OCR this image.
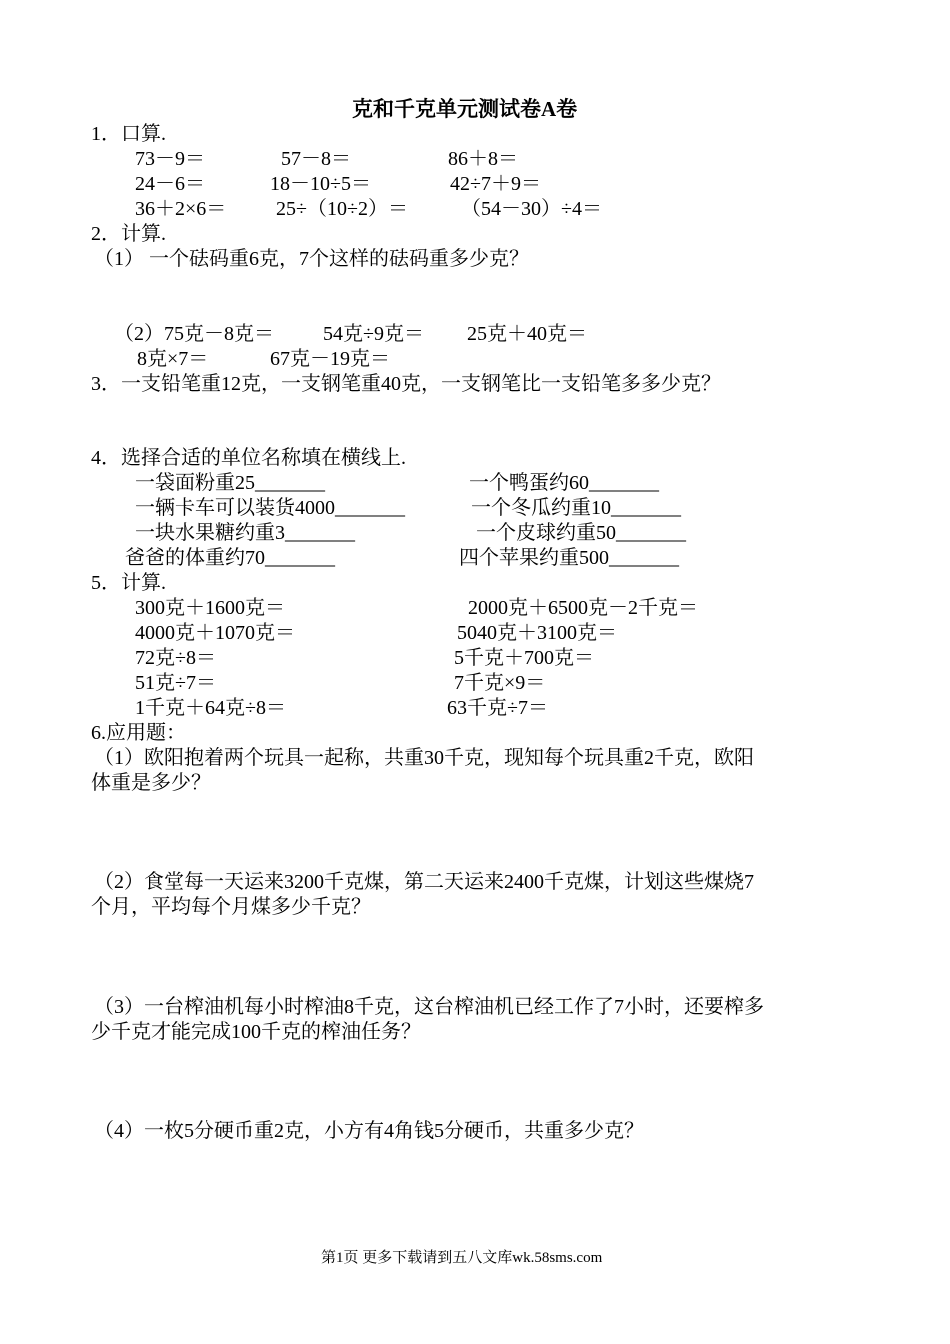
克和千克单元测试卷A卷
1．口算.
73－9＝	57－8＝	86＋8＝
24－6＝	18－10÷5＝	42÷7＋9＝
36＋2×6＝ 25÷（10÷2）＝	（54－30）÷4＝
2．计算.
（1） 一个砝码重6克，7个这样的砝码重多少克？
（2）75克－8克＝ 54克÷9克＝ 25克＋40克＝
8克×7＝	67克－19克＝
3．一支铅笔重12克，一支钢笔重40克，一支钢笔比一支铅笔多多少克？
4．选择合适的单位名称填在横线上.
一袋面粉重25_______	一个鸭蛋约60_______
一辆卡车可以装货4000_______	一个冬瓜约重10_______
一块水果糖约重3_______	一个皮球约重50_______
爸爸的体重约70_______	四个苹果约重500_______
5．计算.
300克＋1600克＝	2000克＋6500克－2千克＝
4000克＋1070克＝	5040克＋3100克＝
72克÷8＝	5千克＋700克＝
51克÷7＝	7千克×9＝
1千克＋64克÷8＝	63千克÷7＝
6.应用题：
（1）欧阳抱着两个玩具一起称，共重30千克，现知每个玩具重2千克，欧阳
体重是多少？
（2）食堂每一天运来3200千克煤，第二天运来2400千克煤，计划这些煤烧7
个月，平均每个月煤多少千克？
（3）一台榨油机每小时榨油8千克，这台榨油机已经工作了7小时，还要榨多
少千克才能完成100千克的榨油任务？
（4）一枚5分硬币重2克，小方有4角钱5分硬币，共重多少克？
第1页 更多下载请到五八文库wk.58sms.com
